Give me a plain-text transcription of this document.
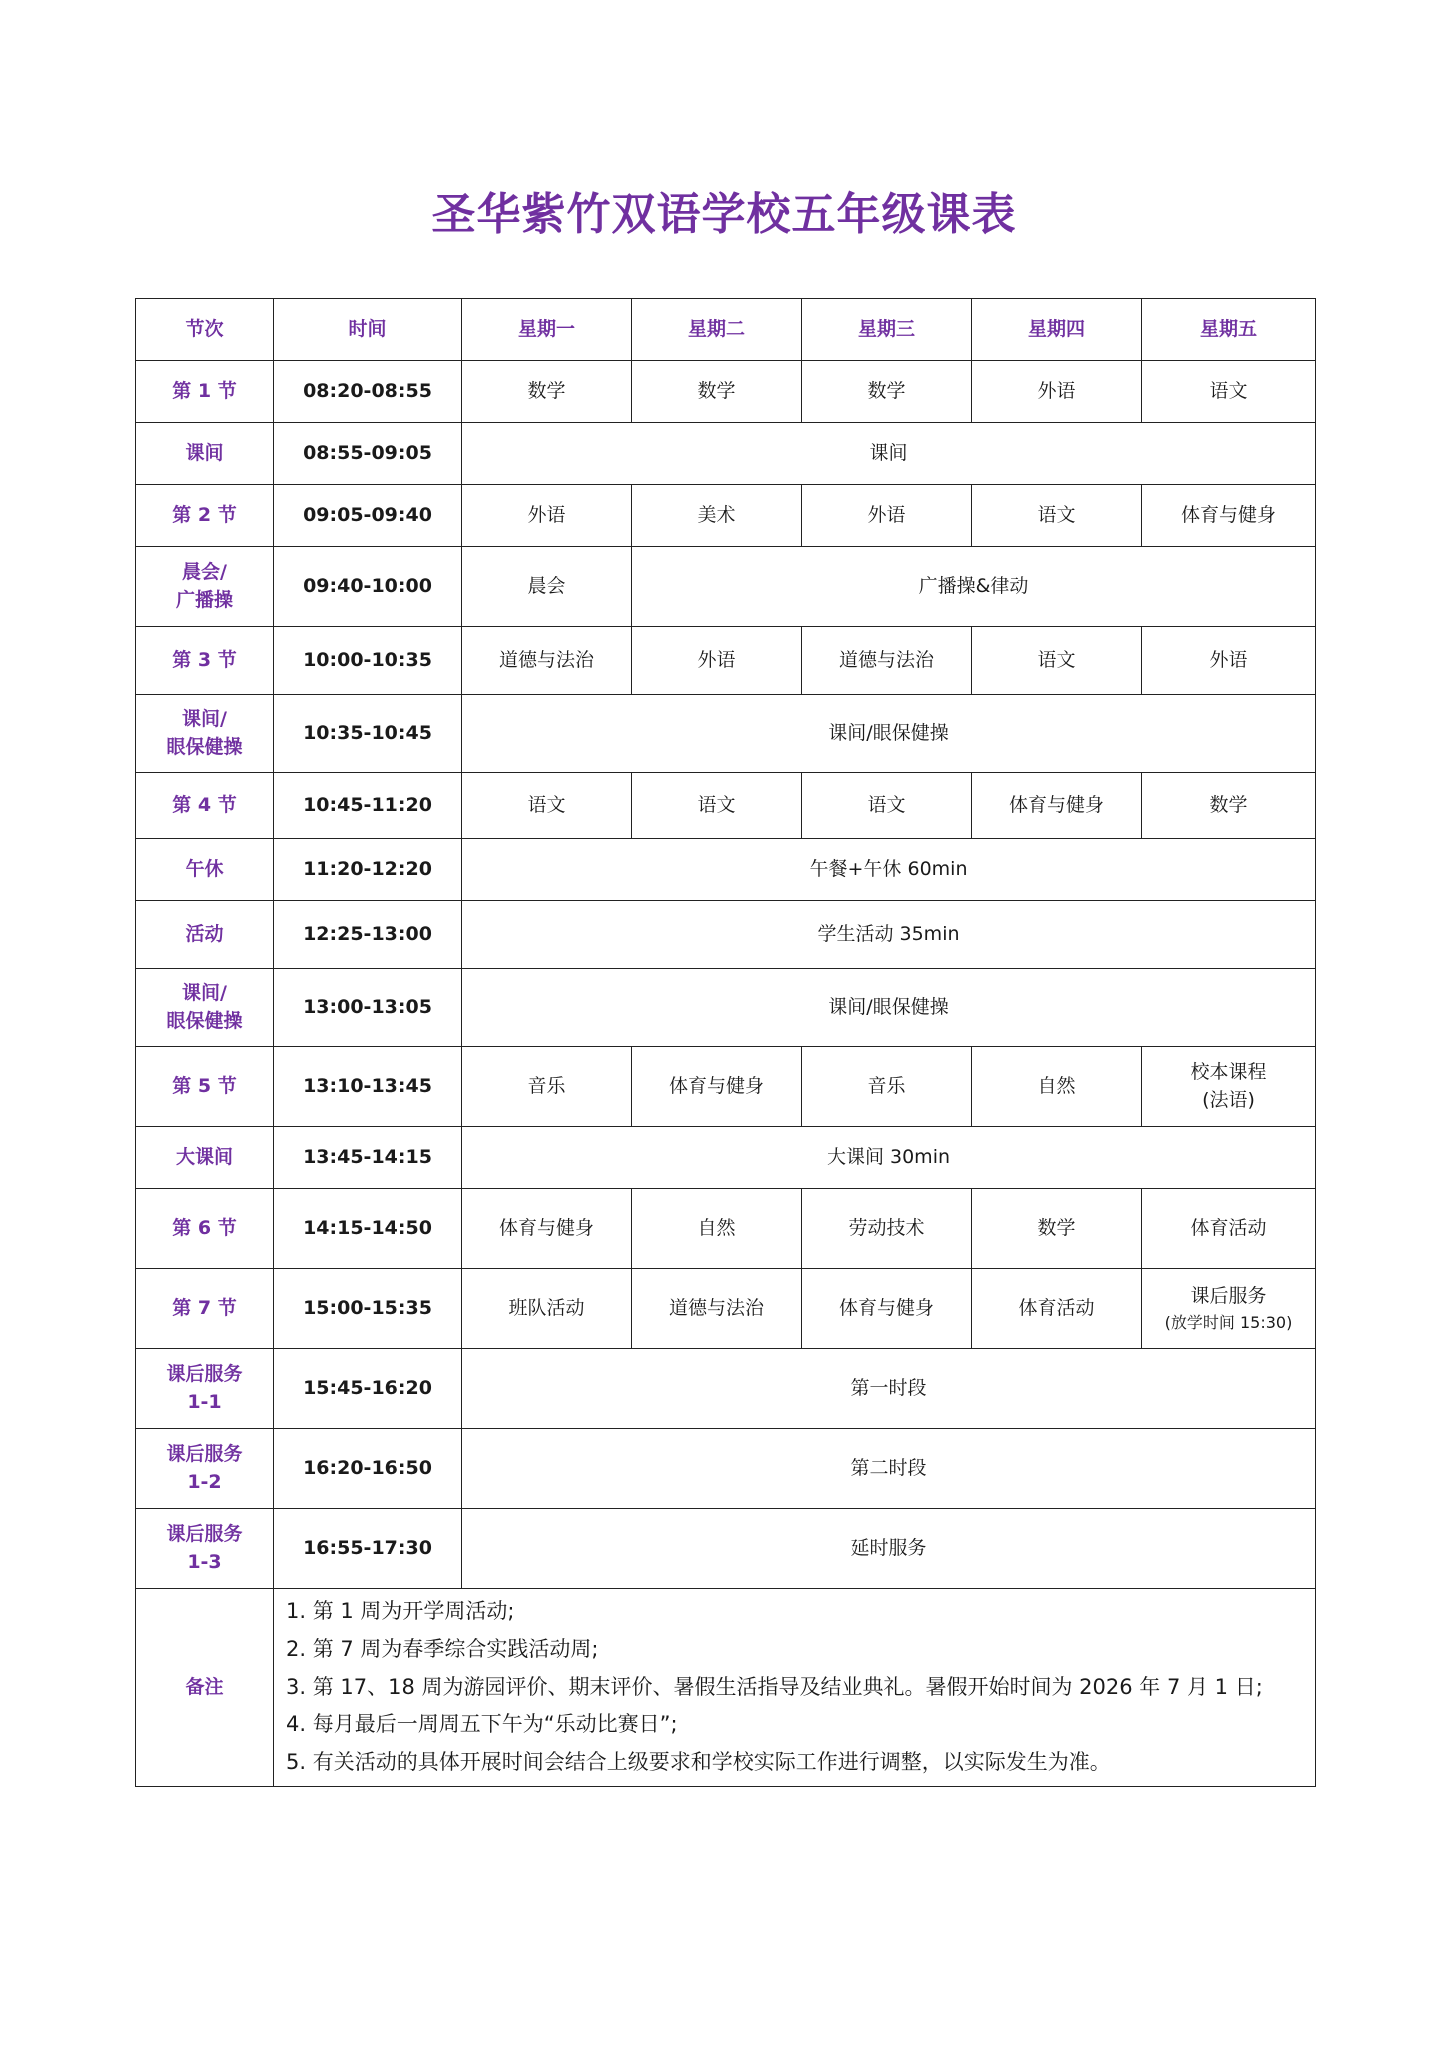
圣华紫竹双语学校五年级课表
节次	时间	星期一	星期二	星期三	星期四	星期五
第 1 节	08:20-08:55	数学	数学	数学	外语	语文
课间	08:55-09:05	课间				
第 2 节	09:05-09:40	外语	美术	外语	语文	体育与健身

晨会/
广播操	09:40-10:00	晨会	广播操&律动			
第 3 节	10:00-10:35	道德与法治	外语	道德与法治	语文	外语

课间/
眼保健操	10:35-10:45	课间/眼保健操				
第 4 节	10:45-11:20	语文	语文	语文	体育与健身	数学
午休	11:20-12:20	午餐+午休 60min				
活动	12:25-13:00	学生活动 35min				

课间/
眼保健操	13:00-13:05	课间/眼保健操				
第 5 节	13:10-13:45	音乐	体育与健身	音乐	自然	校本课程
(法语)

大课间	13:45-14:15	大课间 30min				
第 6 节	14:15-14:50	体育与健身	自然	劳动技术	数学	体育活动
第 7 节	15:00-15:35	班队活动	道德与法治	体育与健身	体育活动	课后服务
(放学时间 15:30)

课后服务
1-1	15:45-16:20	第一时段				

课后服务
1-2	16:20-16:50	第二时段				

课后服务
1-3	16:55-17:30	延时服务				
备注	1. 第 1 周为开学周活动;
2. 第 7 周为春季综合实践活动周;
3. 第 17、18 周为游园评价、期末评价、暑假生活指导及结业典礼。暑假开始时间为 2026 年 7 月 1 日;
4. 每月最后一周周五下午为“乐动比赛日”;
5. 有关活动的具体开展时间会结合上级要求和学校实际工作进行调整，以实际发生为准。					
